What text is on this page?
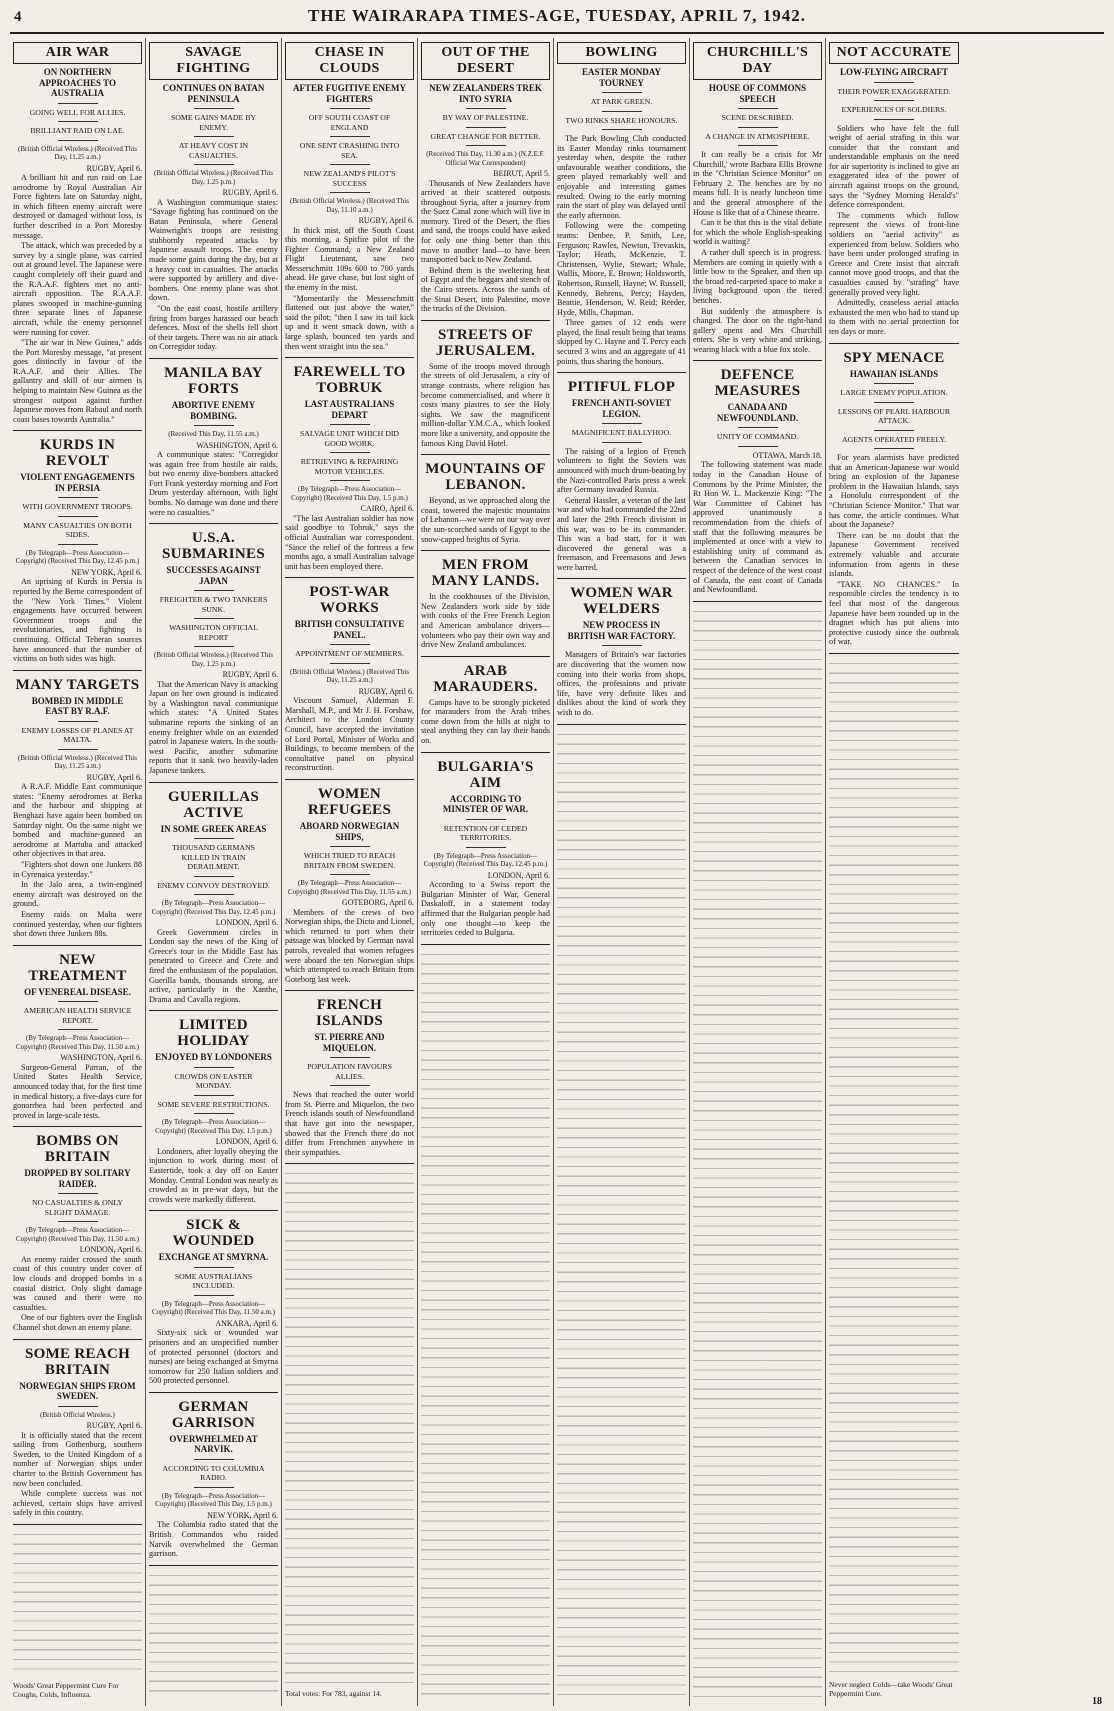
4	THE WAIRARAPA TIMES-AGE, TUESDAY, APRIL 7, 1942.
AIR WAR
ON NORTHERN APPROACHES TO AUSTRALIA
GOING WELL FOR ALLIES.
BRILLIANT RAID ON LAE.
(British Official Wireless.) (Received This Day, 11.25 a.m.)
RUGBY, April 6.

A brilliant hit and run raid on Lae aerodrome by Royal Australian Air Force fighters late on Saturday night, in which fifteen enemy aircraft were destroyed or damaged without loss, is further described in a Port Moresby message.

The attack, which was preceded by a survey by a single plane, was carried out at ground level. The Japanese were caught completely off their guard and the R.A.A.F. fighters met no anti-aircraft opposition. The R.A.A.F. planes swooped in machine-gunning three separate lines of Japanese aircraft, while the enemy personnel were running for cover.

"The air war in New Guinea," adds the Port Moresby message, "at present goes distinctly in favour of the R.A.A.F. and their Allies. The gallantry and skill of our airmen is helping to maintain New Guinea as the strongest outpost against further Japanese moves from Rabaul and north coast bases towards Australia."

KURDS IN REVOLT
VIOLENT ENGAGEMENTS IN PERSIA
WITH GOVERNMENT TROOPS.
MANY CASUALTIES ON BOTH SIDES.
(By Telegraph—Press Association—Copyright) (Received This Day, 12.45 p.m.)
NEW YORK, April 6.

An uprising of Kurds in Persia is reported by the Berne correspondent of the "New York Times." Violent engagements have occurred between Government troops and the revolutionaries, and fighting is continuing. Official Teheran sources have announced that the number of victims on both sides was high.

MANY TARGETS
BOMBED IN MIDDLE EAST BY R.A.F.
ENEMY LOSSES OF PLANES AT MALTA.
(British Official Wireless.) (Received This Day, 11.25 a.m.)
RUGBY, April 6.

A R.A.F. Middle East communique states: "Enemy aerodromes at Berka and the harbour and shipping at Benghazi have again been bombed on Saturday night. On the same night we bombed and machine-gunned an aerodrome at Martuba and attacked other objectives in that area.

"Fighters shot down one Junkers 88 in Cyrenaica yesterday."

In the Jalo area, a twin-engined enemy aircraft was destroyed on the ground.

Enemy raids on Malta were continued yesterday, when our fighters shot down three Junkers 88s.

NEW TREATMENT
OF VENEREAL DISEASE.
AMERICAN HEALTH SERVICE REPORT.
(By Telegraph—Press Association—Copyright) (Received This Day, 11.50 a.m.)
WASHINGTON, April 6.

Surgeon-General Parran, of the United States Health Service, announced today that, for the first time in medical history, a five-days cure for gonorrhea had been perfected and proved in large-scale tests.

BOMBS ON BRITAIN
DROPPED BY SOLITARY RAIDER.
NO CASUALTIES & ONLY SLIGHT DAMAGE.
(By Telegraph—Press Association—Copyright) (Received This Day, 11.50 a.m.)
LONDON, April 6.

An enemy raider crossed the south coast of this country under cover of low clouds and dropped bombs in a coastal district. Only slight damage was caused and there were no casualties.

One of our fighters over the English Channel shot down an enemy plane.

SOME REACH BRITAIN
NORWEGIAN SHIPS FROM SWEDEN.
(British Official Wireless.)
RUGBY, April 6.

It is officially stated that the recent sailing from Gothenburg, southern Sweden, to the United Kingdom of a number of Norwegian ships under charter to the British Government has now been concluded.

While complete success was not achieved, certain ships have arrived safely in this country.

Woods' Great Peppermint Cure For Coughs, Colds, Influenza.
SAVAGE FIGHTING
CONTINUES ON BATAN PENINSULA
SOME GAINS MADE BY ENEMY.
AT HEAVY COST IN CASUALTIES.
(British Official Wireless.) (Received This Day, 1.25 p.m.)
RUGBY, April 6.

A Washington communique states: "Savage fighting has continued on the Batan Peninsula, where General Wainwright's troops are resisting stubbornly repeated attacks by Japanese assault troops. The enemy made some gains during the day, but at a heavy cost in casualties. The attacks were supported by artillery and dive-bombers. One enemy plane was shot down.

"On the east coast, hostile artillery firing from barges harassed our beach defences. Most of the shells fell short of their targets. There was no air attack on Corregidor today.

MANILA BAY FORTS
ABORTIVE ENEMY BOMBING.
(Received This Day, 11.55 a.m.)
WASHINGTON, April 6.

A communique states: "Corregidor was again free from hostile air raids, but two enemy dive-bombers attacked Fort Frank yesterday morning and Fort Drum yesterday afternoon, with light bombs. No damage was done and there were no casualties."

U.S.A. SUBMARINES
SUCCESSES AGAINST JAPAN
FREIGHTER & TWO TANKERS SUNK.
WASHINGTON OFFICIAL REPORT
(British Official Wireless.) (Received This Day, 1.25 p.m.)
RUGBY, April 6.

That the American Navy is attacking Japan on her own ground is indicated by a Washington naval communique which states: "A United States submarine reports the sinking of an enemy freighter while on an extended patrol in Japanese waters. In the south-west Pacific, another submarine reports that it sank two heavily-laden Japanese tankers.

GUERILLAS ACTIVE
IN SOME GREEK AREAS
THOUSAND GERMANS KILLED IN TRAIN DERAILMENT.
ENEMY CONVOY DESTROYED.
(By Telegraph—Press Association—Copyright) (Received This Day, 12.45 p.m.)
LONDON, April 6.

Greek Government circles in London say the news of the King of Greece's tour in the Middle East has penetrated to Greece and Crete and fired the enthusiasm of the population. Guerilla bands, thousands strong, are active, particularly in the Xanthe, Drama and Cavalla regions.

LIMITED HOLIDAY
ENJOYED BY LONDONERS
CROWDS ON EASTER MONDAY.
SOME SEVERE RESTRICTIONS.
(By Telegraph—Press Association—Copyright) (Received This Day, 1.5 p.m.)
LONDON, April 6.

Londoners, after loyally obeying the injunction to work during most of Eastertide, took a day off on Easter Monday. Central London was nearly as crowded as in pre-war days, but the crowds were markedly different.

SICK & WOUNDED
EXCHANGE AT SMYRNA.
SOME AUSTRALIANS INCLUDED.
(By Telegraph—Press Association—Copyright) (Received This Day, 11.50 a.m.)
ANKARA, April 6.

Sixty-six sick or wounded war prisoners and an unspecified number of protected personnel (doctors and nurses) are being exchanged at Smyrna tomorrow for 250 Italian soldiers and 500 protected personnel.

GERMAN GARRISON
OVERWHELMED AT NARVIK.
ACCORDING TO COLUMBIA RADIO.
(By Telegraph—Press Association—Copyright) (Received This Day, 1.5 p.m.)
NEW YORK, April 6.

The Columbia radio stated that the British Commandos who raided Narvik overwhelmed the German garrison.

CHASE IN CLOUDS
AFTER FUGITIVE ENEMY FIGHTERS
OFF SOUTH COAST OF ENGLAND
ONE SENT CRASHING INTO SEA.
NEW ZEALAND'S PILOT'S SUCCESS
(British Official Wireless.) (Received This Day, 11.10 a.m.)
RUGBY, April 6.

In thick mist, off the South Coast this morning, a Spitfire pilot of the Fighter Command, a New Zealand Flight Lieutenant, saw two Messerschmitt 109s 600 to 700 yards ahead. He gave chase, but lost sight of the enemy in the mist.

"Momentarily the Messerschmitt flattened out just above the water," said the pilot; "then I saw its tail kick up and it went smack down, with a large splash, bounced ten yards and then went straight into the sea."

FAREWELL TO TOBRUK
LAST AUSTRALIANS DEPART
SALVAGE UNIT WHICH DID GOOD WORK.
RETRIEVING & REPAIRING MOTOR VEHICLES.
(By Telegraph—Press Association—Copyright) (Received This Day, 1.5 p.m.)
CAIRO, April 6.

"The last Australian soldier has now said goodbye to Tobruk," says the official Australian war correspondent. "Since the relief of the fortress a few months ago, a small Australian salvage unit has been employed there.

POST-WAR WORKS
BRITISH CONSULTATIVE PANEL.
APPOINTMENT OF MEMBERS.
(British Official Wireless.) (Received This Day, 11.25 a.m.)
RUGBY, April 6.

Viscount Samuel, Alderman F. Marshall, M.P., and Mr J. H. Forshaw, Architect to the London County Council, have accepted the invitation of Lord Portal, Minister of Works and Buildings, to become members of the consultative panel on physical reconstruction.

WOMEN REFUGEES
ABOARD NORWEGIAN SHIPS,
WHICH TRIED TO REACH BRITAIN FROM SWEDEN.
(By Telegraph—Press Association—Copyright) (Received This Day, 11.55 a.m.)
GOTEBORG, April 6.

Members of the crews of two Norwegian ships, the Dicto and Lionel, which returned to port when their passage was blocked by German naval patrols, revealed that women refugees were aboard the ten Norwegian ships which attempted to reach Britain from Goteborg last week.

FRENCH ISLANDS
ST. PIERRE AND MIQUELON.
POPULATION FAVOURS ALLIES.

News that reached the outer world from St. Pierre and Miquelon, the two French islands south of Newfoundland that have got into the newspaper, showed that the French there do not differ from Frenchmen anywhere in their sympathies.

Total votes: For 783, against 14.
OUT OF THE DESERT
NEW ZEALANDERS TREK INTO SYRIA
BY WAY OF PALESTINE.
GREAT CHANGE FOR BETTER.
(Received This Day, 11.30 a.m.) (N.Z.E.F. Official War Correspondent)
BEIRUT, April 5.

Thousands of New Zealanders have arrived at their scattered outposts throughout Syria, after a journey from the Suez Canal zone which will live in memory. Tired of the Desert, the flies and sand, the troops could have asked for only one thing better than this move to another land—to have been transported back to New Zealand.

Behind them is the sweltering heat of Egypt and the beggars and stench of the Cairo streets. Across the sands of the Sinai Desert, into Palestine, move the trucks of the Division.

STREETS OF JERUSALEM.

Some of the troops moved through the streets of old Jerusalem, a city of strange contrasts, where religion has become commercialised, and where it costs many piastres to see the Holy sights. We saw the magnificent million-dollar Y.M.C.A., which looked more like a university, and opposite the famous King David Hotel.

MOUNTAINS OF LEBANON.

Beyond, as we approached along the coast, towered the majestic mountains of Lebanon—we were on our way over the sun-scorched sands of Egypt to the snow-capped heights of Syria.

MEN FROM MANY LANDS.

In the cookhouses of the Division, New Zealanders work side by side with cooks of the Free French Legion and American ambulance drivers—volunteers who pay their own way and drive New Zealand ambulances.

ARAB MARAUDERS.

Camps have to be strongly picketed for marauders from the Arab tribes come down from the hills at night to steal anything they can lay their hands on.

BULGARIA'S AIM
ACCORDING TO MINISTER OF WAR.
RETENTION OF CEDED TERRITORIES.
(By Telegraph—Press Association—Copyright) (Received This Day, 12.45 p.m.)
LONDON, April 6.

According to a Swiss report the Bulgarian Minister of War, General Daskaloff, in a statement today affirmed that the Bulgarian people had only one thought—to keep the territories ceded to Bulgaria.

BOWLING
EASTER MONDAY TOURNEY
AT PARK GREEN.
TWO RINKS SHARE HONOURS.

The Park Bowling Club conducted its Easter Monday rinks tournament yesterday when, despite the rather unfavourable weather conditions, the green played remarkably well and enjoyable and interesting games resulted. Owing to the early morning rain the start of play was delayed until the early afternoon.

Following were the competing teams: Denbee, P. Smith, Lee, Ferguson; Rawles, Newton, Trevaskis, Taylor; Heath, McKenzie, T. Christensen, Wylie, Stewart; Whale, Wallis, Moore, E. Brown; Holdsworth, Robertson, Russell, Hayne; W. Russell, Kennedy, Behrens, Percy; Hayden, Beattie, Henderson, W. Reid; Reeder, Hyde, Mills, Chapman.

Three games of 12 ends were played, the final result being that teams skipped by C. Hayne and T. Percy each secured 3 wins and an aggregate of 41 points, thus sharing the honours.

PITIFUL FLOP
FRENCH ANTI-SOVIET LEGION.
MAGNIFICENT BALLYHOO.

The raising of a legion of French volunteers to fight the Soviets was announced with much drum-beating by the Nazi-controlled Paris press a week after Germany invaded Russia.

General Hassler, a veteran of the last war and who had commanded the 22nd and later the 29th French division in this war, was to be its commander. This was a bad start, for it was discovered the general was a freemason, and Freemasons and Jews were barred.

WOMEN WAR WELDERS
NEW PROCESS IN BRITISH WAR FACTORY.

Managers of Britain's war factories are discovering that the women now coming into their works from shops, offices, the professions and private life, have very definite likes and dislikes about the kind of work they wish to do.

CHURCHILL'S DAY
HOUSE OF COMMONS SPEECH
SCENE DESCRIBED.
A CHANGE IN ATMOSPHERE.

It can really be a crisis for Mr Churchill,' wrote Barbara Ellis Browne in the "Christian Science Monitor" on February 2. The benches are by no means full. It is nearly luncheon time and the general atmosphere of the House is like that of a Chinese theatre.

Can it be that this is the vital debate for which the whole English-speaking world is waiting?

A rather dull speech is in progress. Members are coming in quietly with a little bow to the Speaker, and then up the broad red-carpeted space to make a living background upon the tiered benches.

But suddenly the atmosphere is changed. The door on the right-hand gallery opens and Mrs Churchill enters. She is very white and striking, wearing black with a blue fox stole.

DEFENCE MEASURES
CANADA AND NEWFOUNDLAND.
UNITY OF COMMAND.
OTTAWA, March 18.

The following statement was made today in the Canadian House of Commons by the Prime Minister, the Rt Hon W. L. Mackenzie King: "The War Committee of Cabinet has approved unanimously a recommendation from the chiefs of staff that the following measures be implemented at once with a view to establishing unity of command as between the Canadian services in respect of the defence of the west coast of Canada, the east coast of Canada and Newfoundland.

NOT ACCURATE
LOW-FLYING AIRCRAFT
THEIR POWER EXAGGERATED.
EXPERIENCES OF SOLDIERS.

Soldiers who have felt the full weight of aerial strafing in this war consider that the constant and understandable emphasis on the need for air superiority is inclined to give an exaggerated idea of the power of aircraft against troops on the ground, says the "Sydney Morning Herald's" defence correspondent.

The comments which follow represent the views of front-line soldiers on "aerial activity" as experienced from below. Soldiers who have been under prolonged strafing in Greece and Crete insist that aircraft cannot move good troops, and that the casualties caused by "strafing" have generally proved very light.

Admittedly, ceaseless aerial attacks exhausted the men who had to stand up to them with no aerial protection for ten days or more.

SPY MENACE
HAWAIIAN ISLANDS
LARGE ENEMY POPULATION.
LESSONS OF PEARL HARBOUR ATTACK.
AGENTS OPERATED FREELY.

For years alarmists have predicted that an American-Japanese war would bring an explosion of the Japanese problem in the Hawaiian Islands, says a Honolulu correspondent of the "Christian Science Monitor." That war has come, the article continues. What about the Japanese?

There can be no doubt that the Japanese Government received extremely valuable and accurate information from agents in these islands.

"TAKE NO CHANCES." In responsible circles the tendency is to feel that most of the dangerous Japanese have been rounded up in the dragnet which has put aliens into protective custody since the outbreak of war.

Never neglect Colds—take Woods' Great Peppermint Cure.
18
